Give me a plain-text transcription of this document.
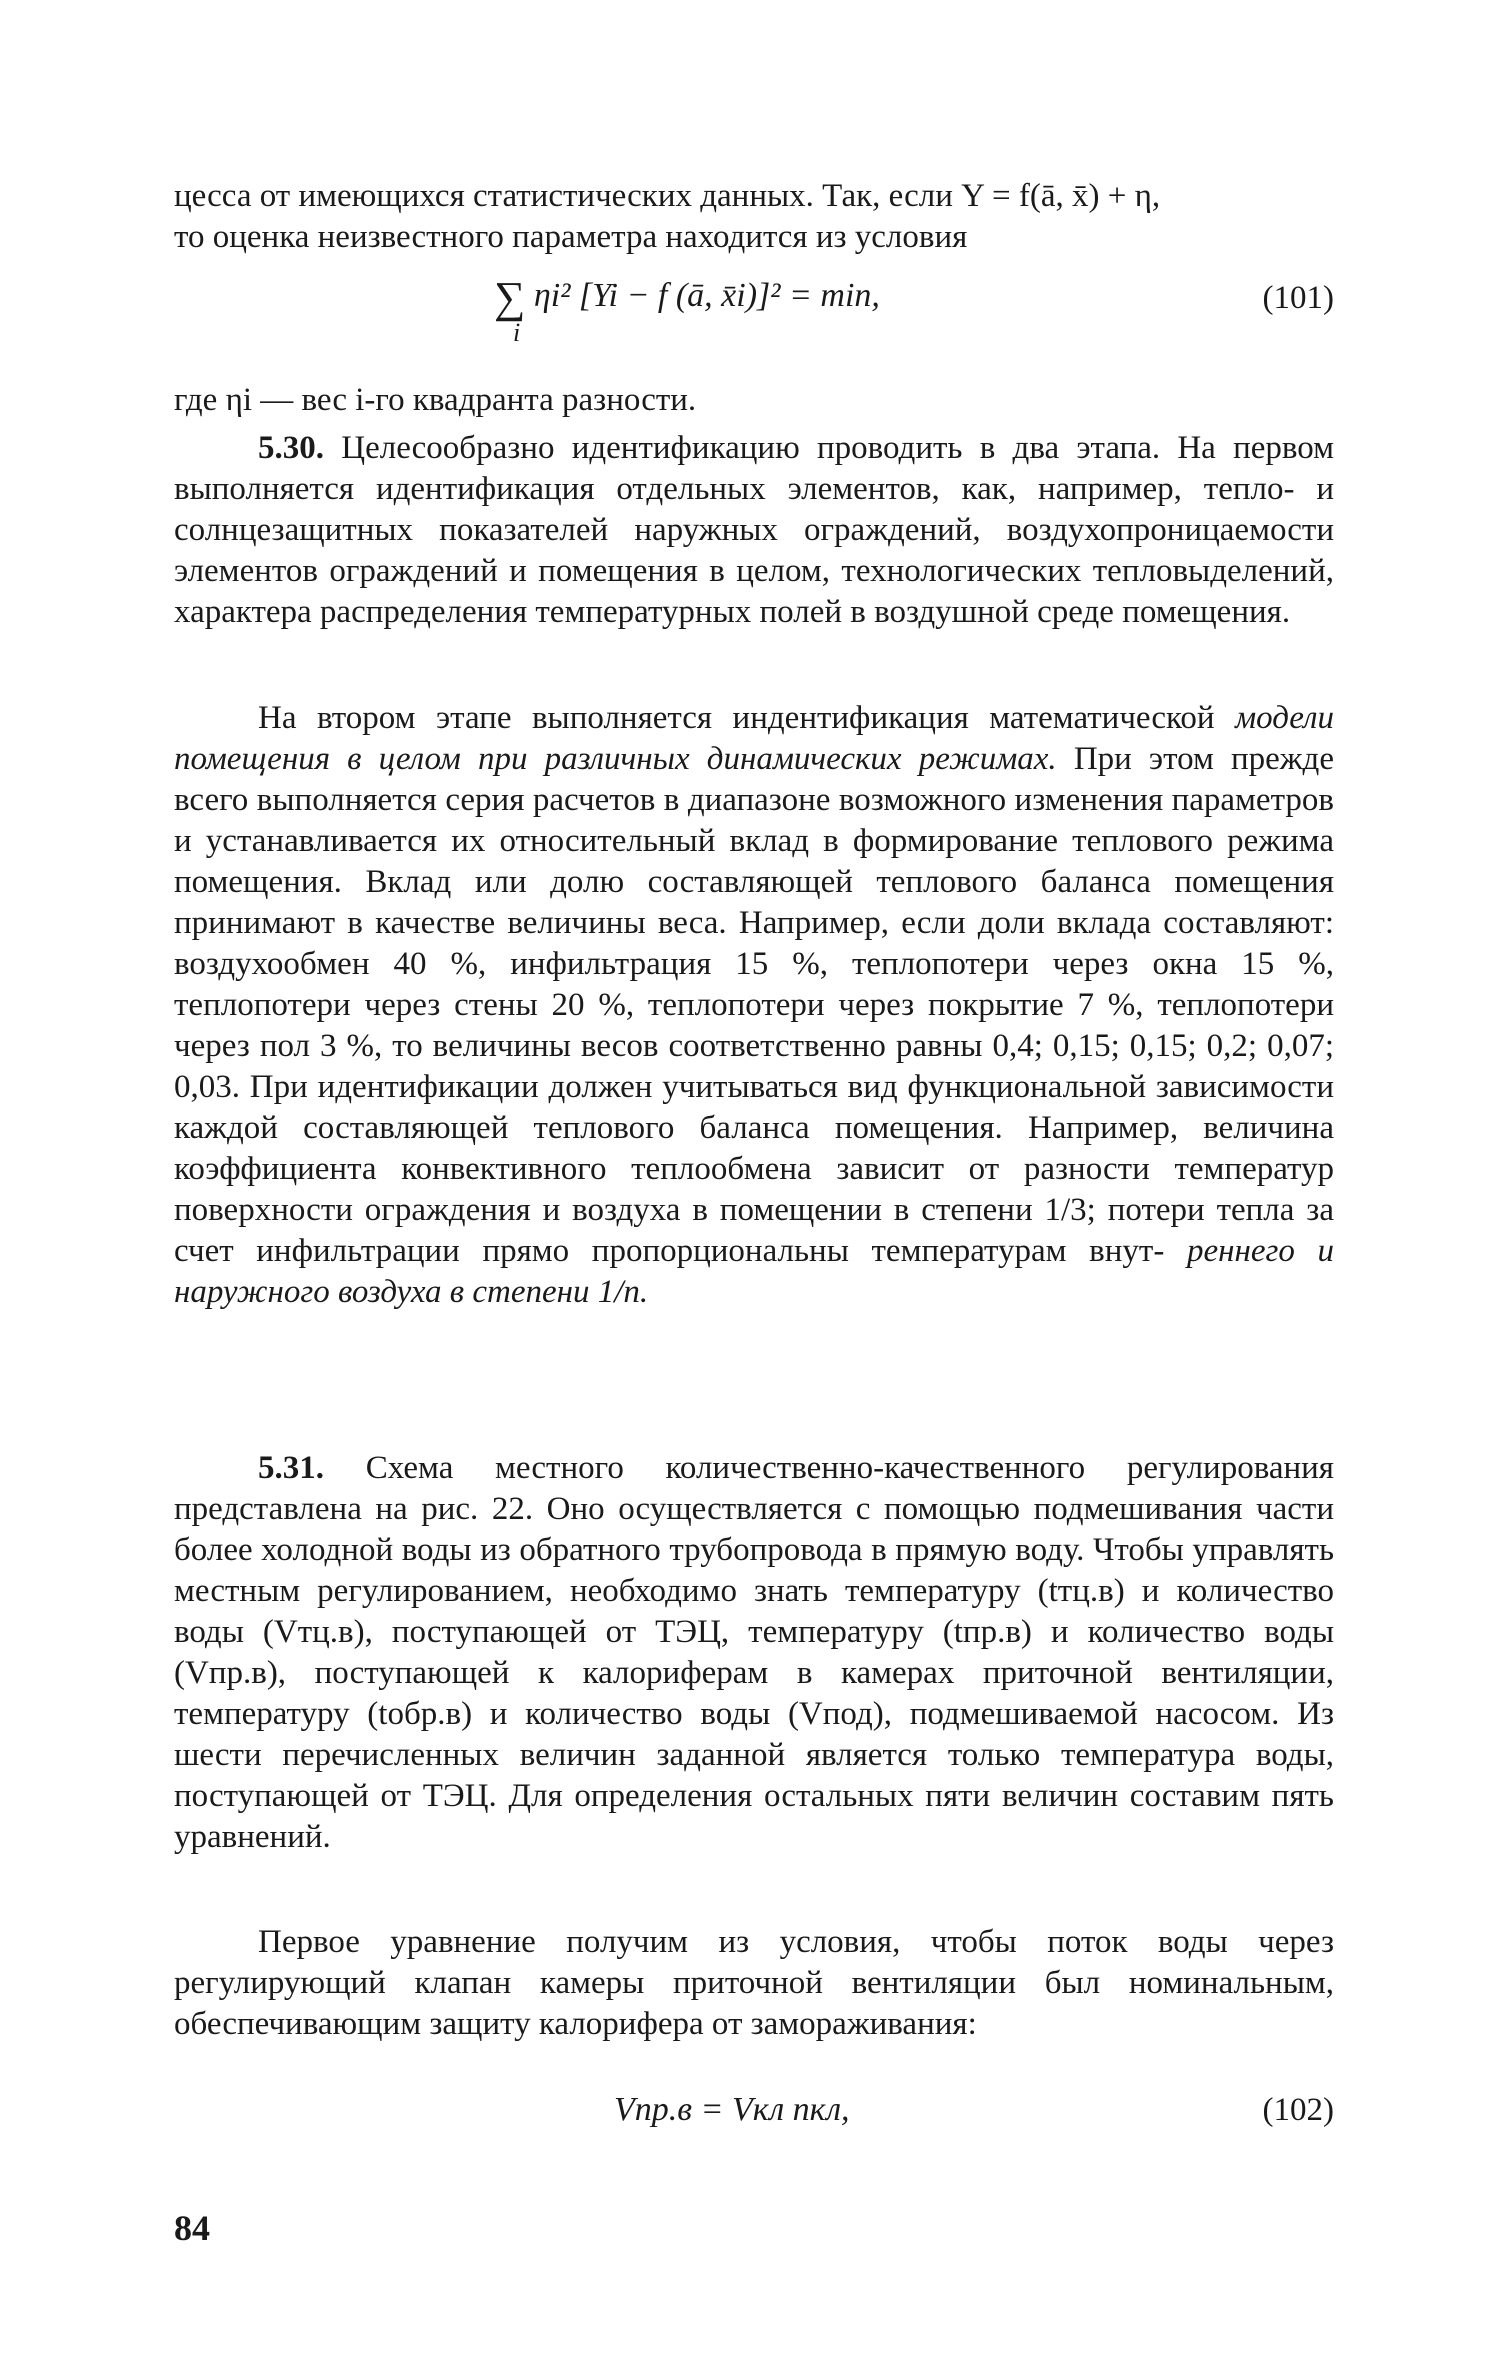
цесса от имеющихся статистических данных. Так, если Y = f(ā, x̄) + η,

то оценка неизвестного параметра находится из условия

∑ ηi² [Yi − f (ā, x̄i)]² = min,
i
(101)

где ηi — вес i-го квадранта разности.

5.30. Целесообразно идентификацию проводить в два этапа. На первом выполняется идентификация отдельных элементов, как, например, тепло- и солнцезащитных показателей наружных ограждений, воздухопроницаемости элементов ограждений и помещения в целом, технологических тепловыделений, характера распределения температурных полей в воздушной среде помещения.

На втором этапе выполняется индентификация математической модели помещения в целом при различных динамических режимах. При этом прежде всего выполняется серия расчетов в диапазоне возможного изменения параметров и устанавливается их относительный вклад в формирование теплового режима помещения. Вклад или долю составляющей теплового баланса помещения принимают в качестве величины веса. Например, если доли вклада составляют: воздухообмен 40 %, инфильтрация 15 %, теплопотери через окна 15 %, теплопотери через стены 20 %, теплопотери через покрытие 7 %, теплопотери через пол 3 %, то величины весов соответственно равны 0,4; 0,15; 0,15; 0,2; 0,07; 0,03. При идентификации должен учитываться вид функциональной зависимости каждой составляющей теплового баланса помещения. Например, величина коэффициента конвективного теплообмена зависит от разности температур поверхности ограждения и воздуха в помещении в степени 1/3; потери тепла за счет инфильтрации прямо пропорциональны температурам внут- реннего и наружного воздуха в степени 1/n.

5.31. Схема местного количественно-качественного регулирования представлена на рис. 22. Оно осуществляется с помощью подмешивания части более холодной воды из обратного трубопровода в прямую воду. Чтобы управлять местным регулированием, необходимо знать температуру (tтц.в) и количество воды (Vтц.в), поступающей от ТЭЦ, температуру (tпр.в) и количество воды (Vпр.в), поступающей к калориферам в камерах приточной вентиляции, температуру (tобр.в) и количество воды (Vпод), подмешиваемой насосом. Из шести перечисленных величин заданной является только температура воды, поступающей от ТЭЦ. Для определения остальных пяти величин составим пять уравнений.

Первое уравнение получим из условия, чтобы поток воды через регулирующий клапан камеры приточной вентиляции был номинальным, обеспечивающим защиту калорифера от замораживания:

Vпр.в = Vкл nкл,	(102)
84
